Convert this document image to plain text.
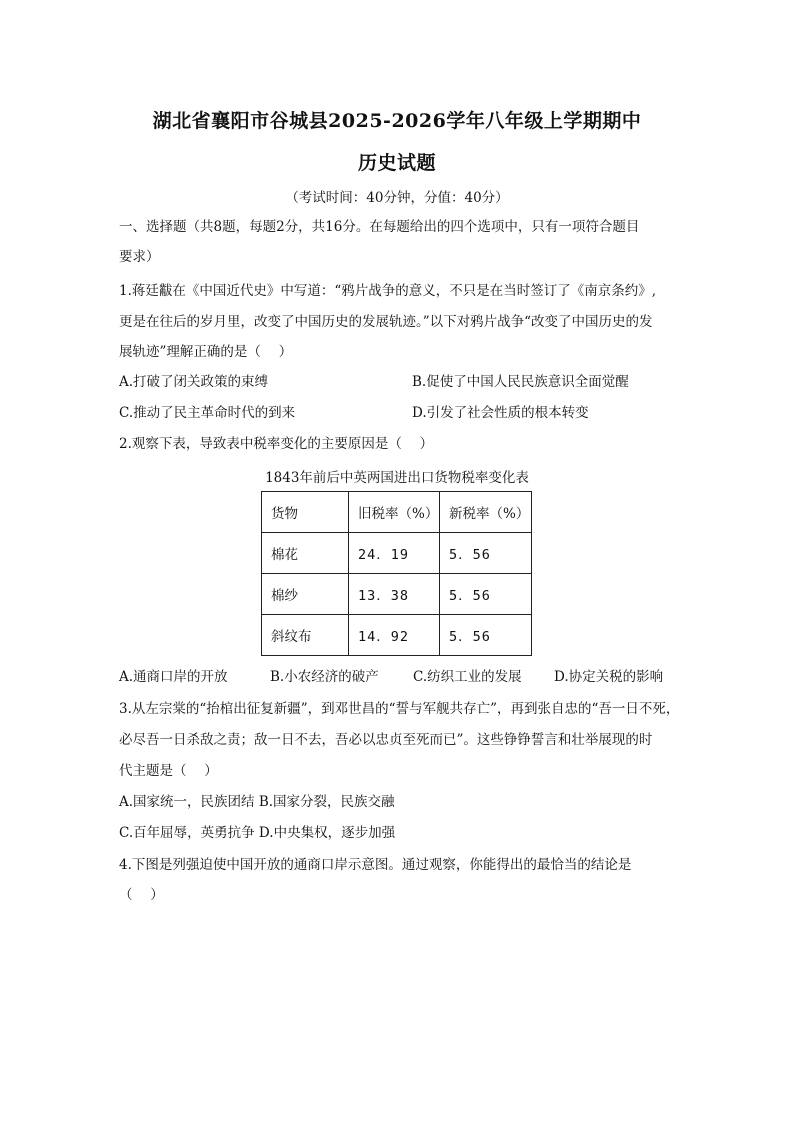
湖北省襄阳市谷城县2025-2026学年八年级上学期期中
历史试题
（考试时间：40分钟，分值：40分）
一、选择题（共8题，每题2分，共16分。在每题给出的四个选项中，只有一项符合题目
要求）
1.蒋廷黻在《中国近代史》中写道：“鸦片战争的意义，不只是在当时签订了《南京条约》,
更是在往后的岁月里，改变了中国历史的发展轨迹。”以下对鸦片战争“改变了中国历史的发
展轨迹”理解正确的是（　 ）
A.打破了闭关政策的束缚	B.促使了中国人民民族意识全面觉醒
C.推动了民主革命时代的到来	D.引发了社会性质的根本转变
2.观察下表，导致表中税率变化的主要原因是（　 ）
1843年前后中英两国进出口货物税率变化表
货物	旧税率（%）	新税率（%）
棉花	24．19	5．56
棉纱	13．38	5．56
斜纹布	14．92	5．56
A.通商口岸的开放	B.小农经济的破产	C.纺织工业的发展 D.协定关税的影响
3.从左宗棠的“抬棺出征复新疆”，到邓世昌的“誓与军舰共存亡”，再到张自忠的“吾一日不死，
必尽吾一日杀敌之责；敌一日不去，吾必以忠贞至死而已”。这些铮铮誓言和壮举展现的时
代主题是（　 ）
A.国家统一，民族团结 B.国家分裂，民族交融
C.百年屈辱，英勇抗争 D.中央集权，逐步加强
4.下图是列强迫使中国开放的通商口岸示意图。通过观察，你能得出的最恰当的结论是
（　 ）
